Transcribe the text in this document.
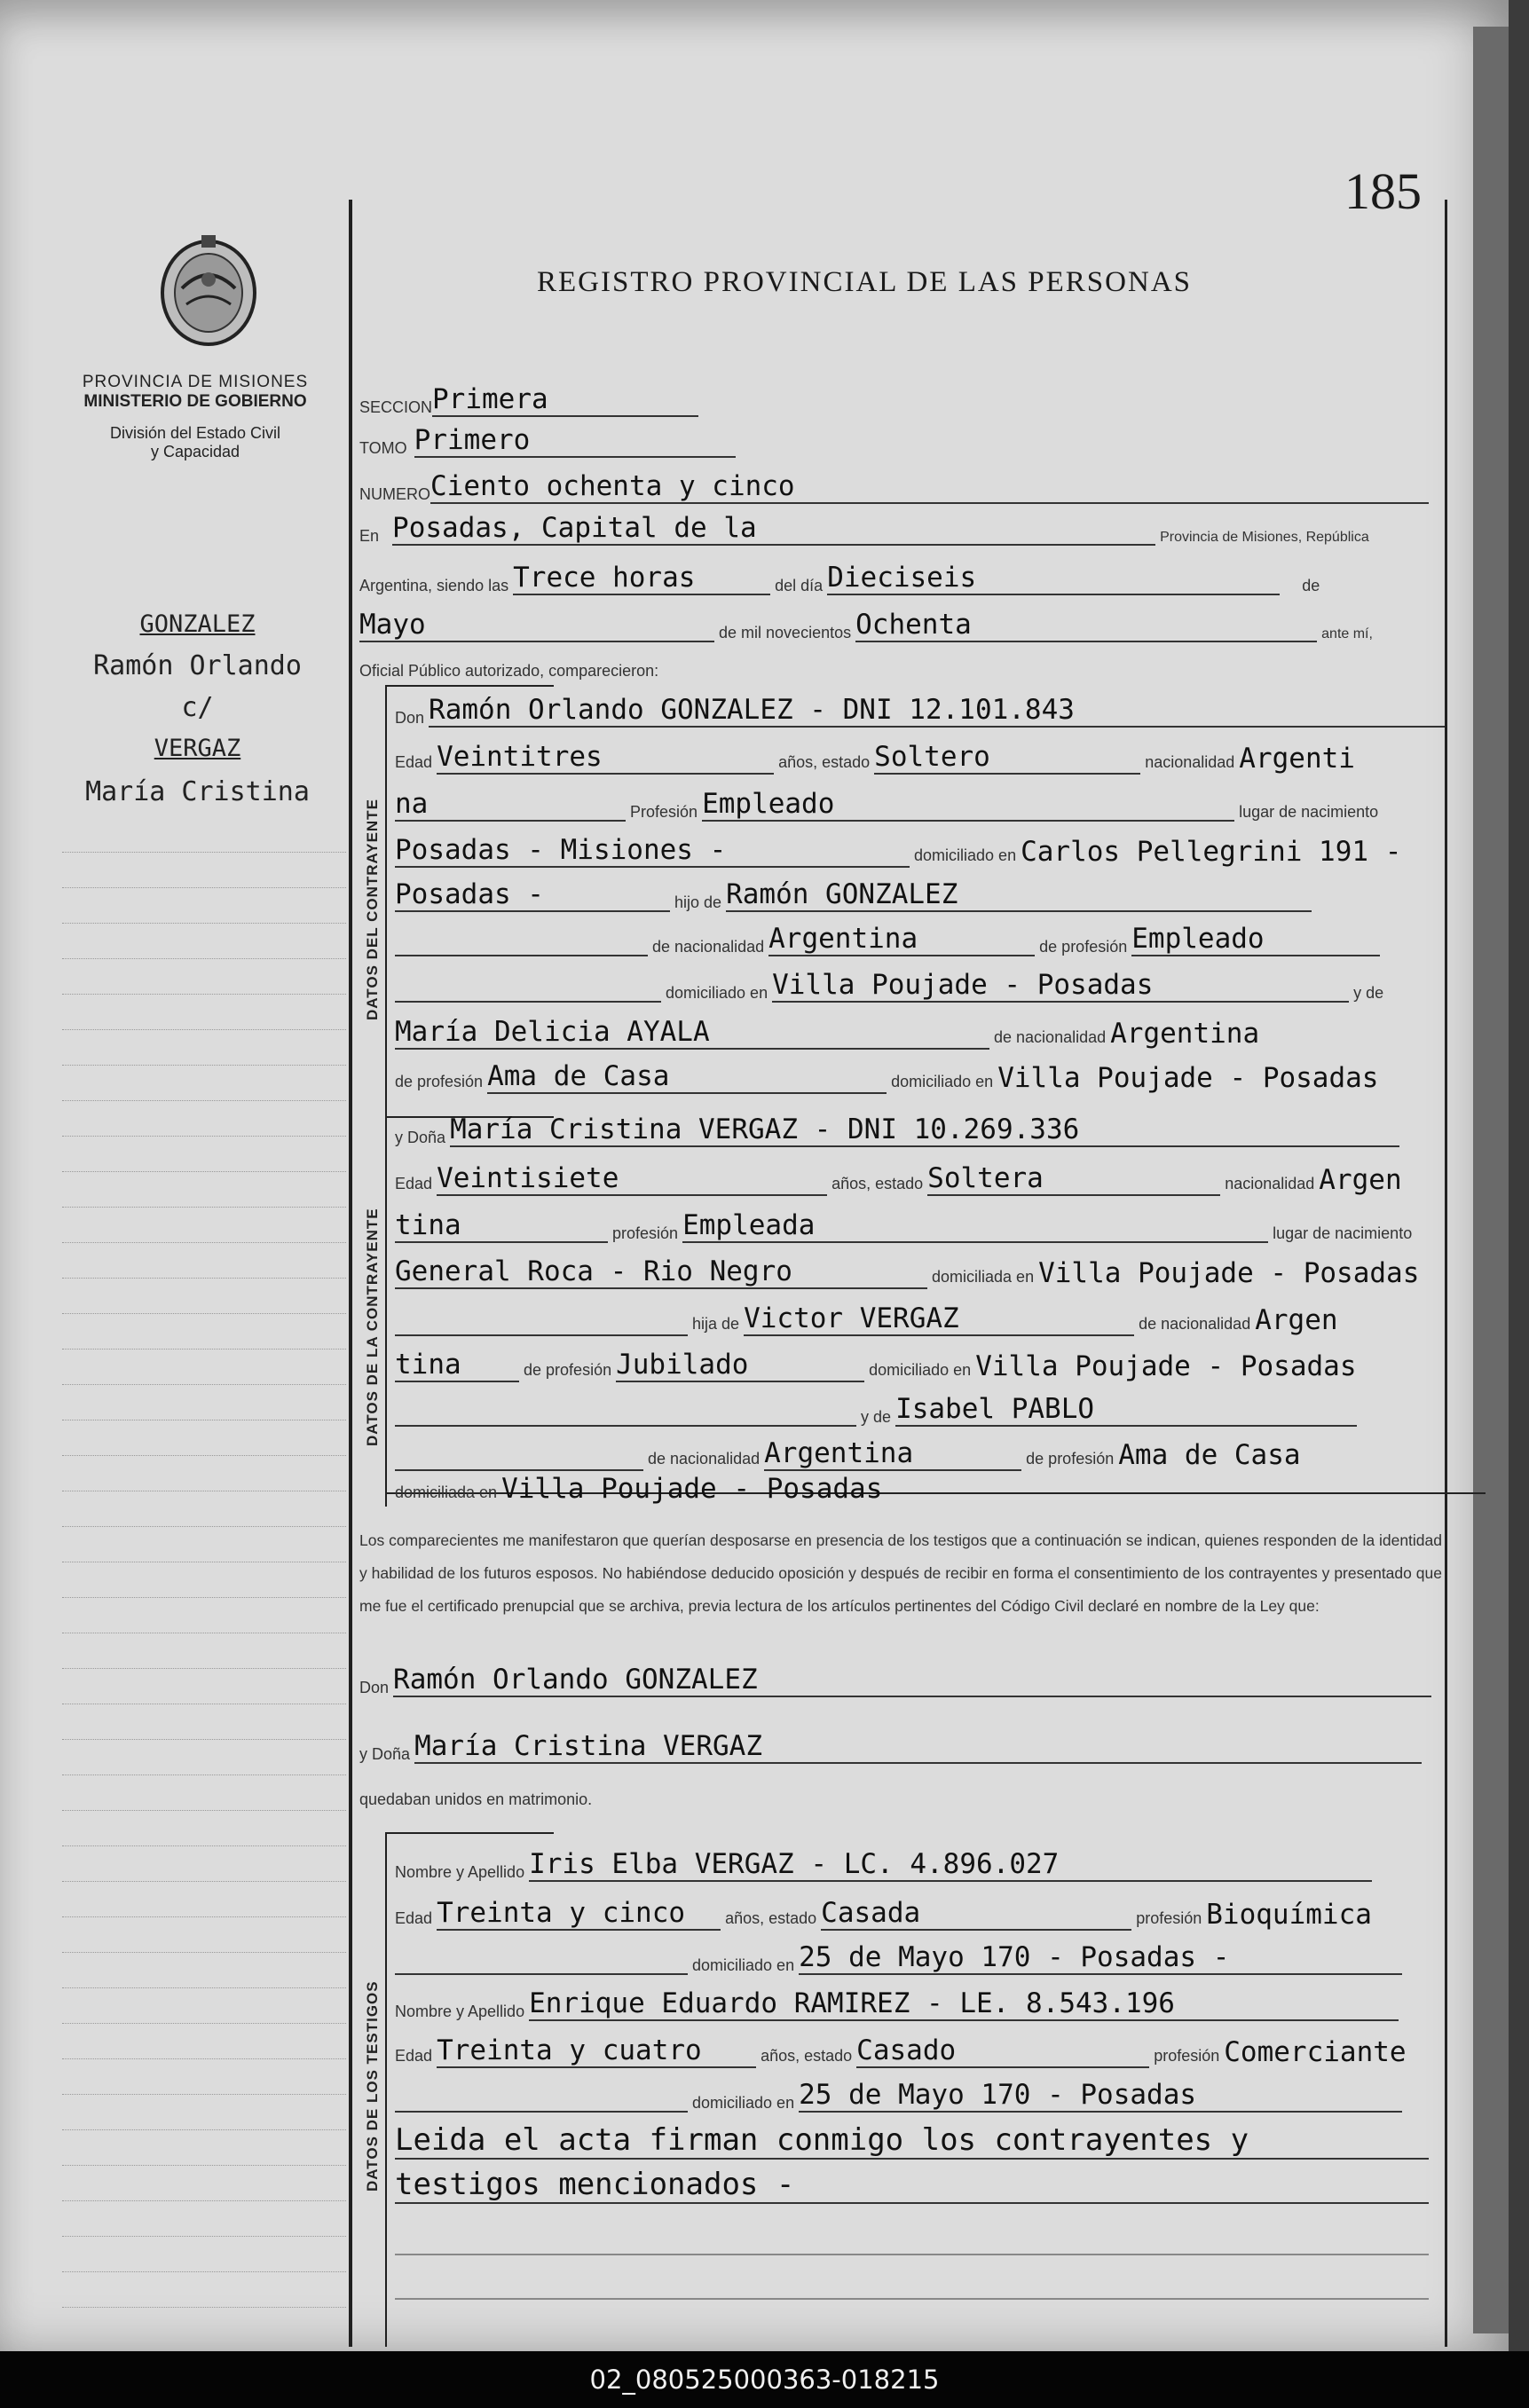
185
PROVINCIA DE MISIONES
MINISTERIO DE GOBIERNO
División del Estado Civil
y Capacidad
REGISTRO PROVINCIAL DE LAS PERSONAS
GONZALEZ
Ramón Orlando
c/
VERGAZ
María Cristina
SECCIONPrimera
TOMO Primero
NUMEROCiento ochenta y cinco
En Posadas, Capital de la	Provincia de Misiones, República
Argentina, siendo las Trece horas	del día Dieciseis	de
Mayo	de mil novecientos Ochenta	ante mí,
Oficial Público autorizado, comparecieron:
DATOS DEL CONTRAYENTE
Don Ramón Orlando GONZALEZ - DNI 12.101.843
Edad Veintitres	años, estado Soltero	nacionalidad Argenti
na	Profesión Empleado	lugar de nacimiento
Posadas - Misiones -	domiciliado en Carlos Pellegrini 191 -
Posadas -	hijo de Ramón GONZALEZ
de nacionalidad Argentina	de profesión Empleado
domiciliado en Villa Poujade - Posadas	y de
María Delicia AYALA	de nacionalidad Argentina
de profesión Ama de Casa	domiciliado en Villa Poujade - Posadas
DATOS DE LA CONTRAYENTE
y Doña María Cristina VERGAZ - DNI 10.269.336
Edad Veintisiete	años, estado Soltera	nacionalidad Argen
tina	profesión Empleada	lugar de nacimiento
General Roca - Rio Negro	domiciliada en Villa Poujade - Posadas
hija de Victor VERGAZ	de nacionalidad Argen
tina	de profesión Jubilado	domiciliado en Villa Poujade - Posadas
y de Isabel PABLO
de nacionalidad Argentina	de profesión Ama de Casa
domiciliada en Villa Poujade - Posadas
Los comparecientes me manifestaron que querían desposarse en presencia de los testigos que a continuación se indican, quienes responden de la identidad y habilidad de los futuros esposos. No habiéndose deducido oposición y después de recibir en forma el consentimiento de los contrayentes y presentado que me fue el certificado prenupcial que se archiva, previa lectura de los artículos pertinentes del Código Civil declaré en nombre de la Ley que:
Don Ramón Orlando GONZALEZ
y Doña María Cristina VERGAZ
quedaban unidos en matrimonio.
DATOS DE LOS TESTIGOS
Nombre y Apellido Iris Elba VERGAZ - LC. 4.896.027
Edad Treinta y cinco	años, estado Casada	profesión Bioquímica
domiciliado en 25 de Mayo 170 - Posadas -
Nombre y Apellido Enrique Eduardo RAMIREZ - LE. 8.543.196
Edad Treinta y cuatro	años, estado Casado	profesión Comerciante
domiciliado en 25 de Mayo 170 - Posadas
Leida el acta firman conmigo los contrayentes y
testigos mencionados -
02_080525000363-018215
